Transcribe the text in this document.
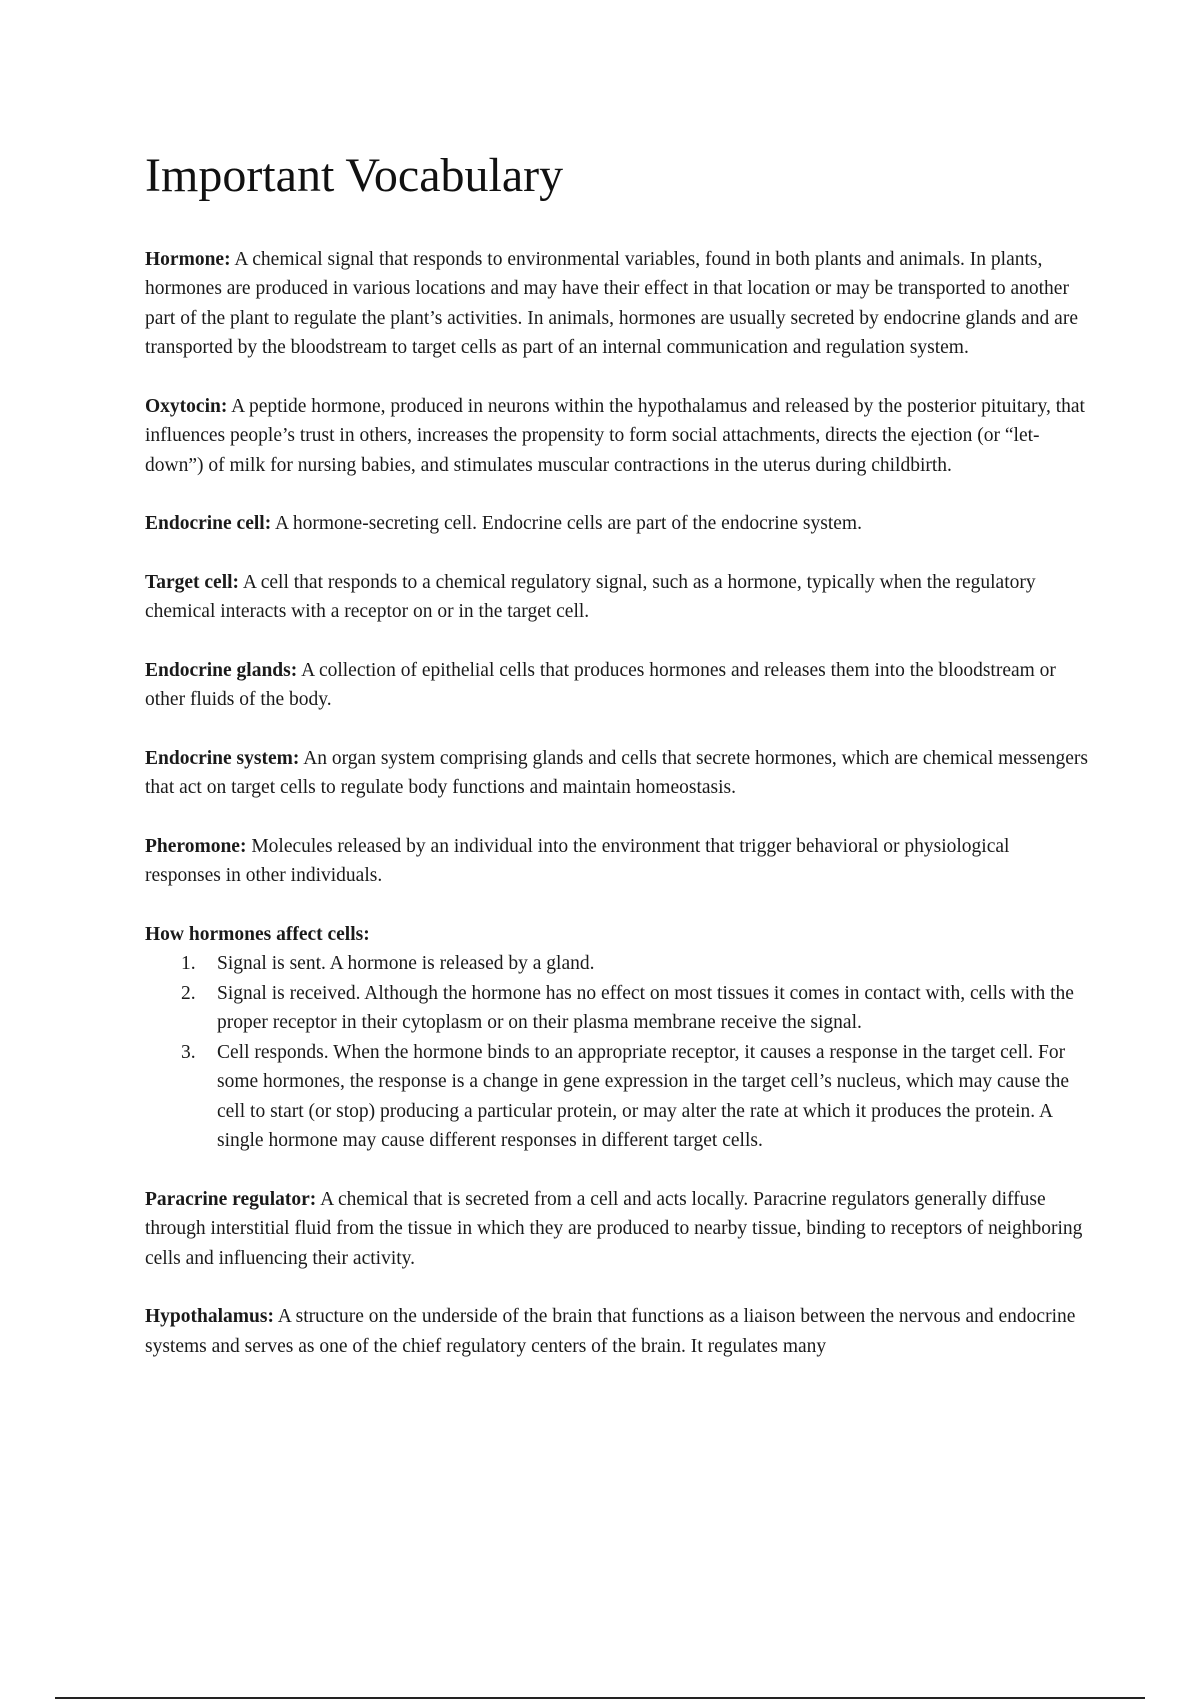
Important Vocabulary

Hormone: A chemical signal that responds to environmental variables, found in both plants and animals. In plants, hormones are produced in various locations and may have their effect in that location or may be transported to another part of the plant to regulate the plant’s activities. In animals, hormones are usually secreted by endocrine glands and are transported by the bloodstream to target cells as part of an internal communication and regulation system.

Oxytocin: A peptide hormone, produced in neurons within the hypothalamus and released by the posterior pituitary, that influences people’s trust in others, increases the propensity to form social attachments, directs the ejection (or “let-down”) of milk for nursing babies, and stimulates muscular contractions in the uterus during childbirth.

Endocrine cell: A hormone-secreting cell. Endocrine cells are part of the endocrine system.

Target cell: A cell that responds to a chemical regulatory signal, such as a hormone, typically when the regulatory chemical interacts with a receptor on or in the target cell.

Endocrine glands: A collection of epithelial cells that produces hormones and releases them into the bloodstream or other fluids of the body.

Endocrine system: An organ system comprising glands and cells that secrete hormones, which are chemical messengers that act on target cells to regulate body functions and maintain homeostasis.

Pheromone: Molecules released by an individual into the environment that trigger behavioral or physiological responses in other individuals.

How hormones affect cells:

1. Signal is sent. A hormone is released by a gland.
2. Signal is received. Although the hormone has no effect on most tissues it comes in contact with, cells with the proper receptor in their cytoplasm or on their plasma membrane receive the signal.
3. Cell responds. When the hormone binds to an appropriate receptor, it causes a response in the target cell. For some hormones, the response is a change in gene expression in the target cell’s nucleus, which may cause the cell to start (or stop) producing a particular protein, or may alter the rate at which it produces the protein. A single hormone may cause different responses in different target cells.

Paracrine regulator: A chemical that is secreted from a cell and acts locally. Paracrine regulators generally diffuse through interstitial fluid from the tissue in which they are produced to nearby tissue, binding to receptors of neighboring cells and influencing their activity.

Hypothalamus: A structure on the underside of the brain that functions as a liaison between the nervous and endocrine systems and serves as one of the chief regulatory centers of the brain. It regulates many
